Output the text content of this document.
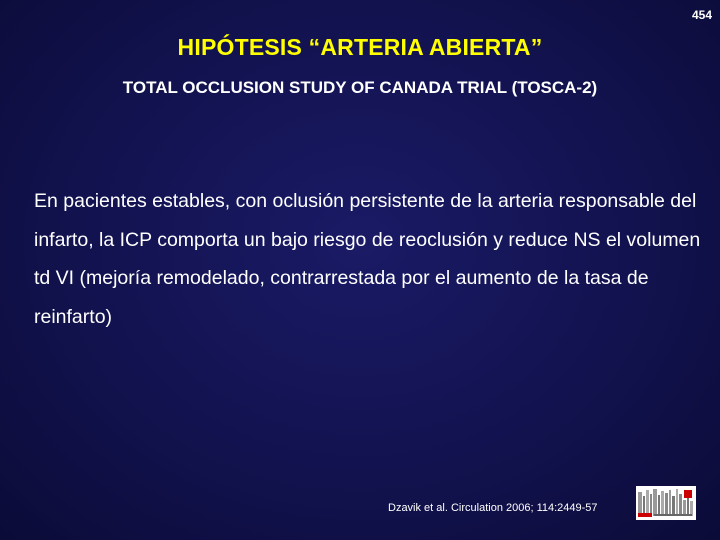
454
HIPÓTESIS “ARTERIA ABIERTA”
TOTAL OCCLUSION STUDY OF CANADA TRIAL (TOSCA-2)
En pacientes estables, con oclusión persistente de la arteria responsable del infarto, la ICP comporta un bajo riesgo de reoclusión y reduce NS el volumen td VI (mejoría remodelado, contrarrestada por el aumento de la tasa de reinfarto)
Dzavik et al. Circulation 2006; 114:2449-57
